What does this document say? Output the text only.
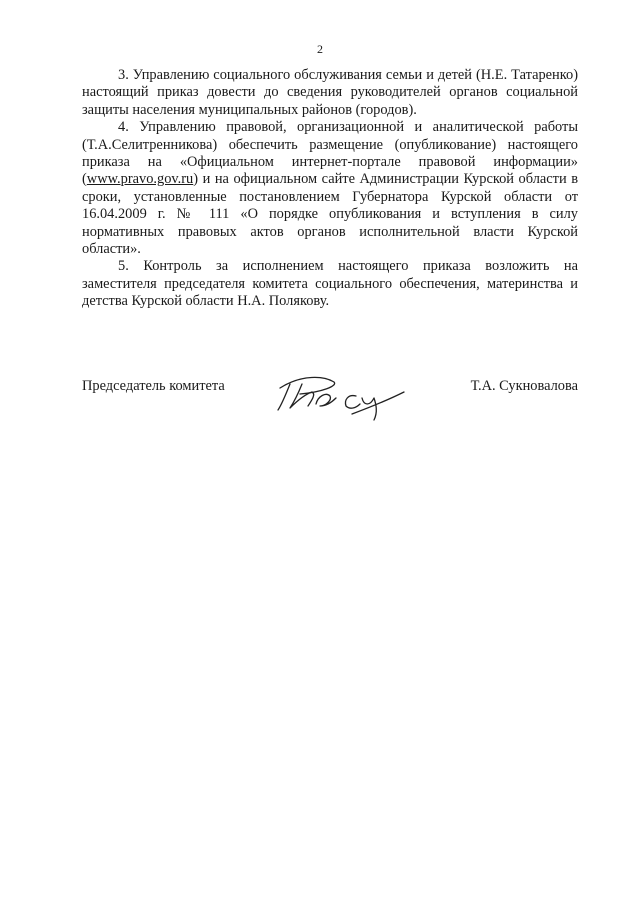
2

3. Управлению социального обслуживания семьи и детей (Н.Е. Татаренко) настоящий приказ довести до сведения руководителей органов социальной защиты населения муниципальных районов (городов).

4. Управлению правовой, организационной и аналитической работы (Т.А.Селитренникова) обеспечить размещение (опубликование) настоящего приказа на «Официальном интернет-портале правовой информации» (www.pravo.gov.ru) и на официальном сайте Администрации Курской области в сроки, установленные постановлением Губернатора Курской области от 16.04.2009 г. № 111 «О порядке опубликования и вступления в силу нормативных правовых актов органов исполнительной власти Курской области».

5. Контроль за исполнением настоящего приказа возложить на заместителя председателя комитета социального обеспечения, материнства и детства Курской области Н.А. Полякову.

Председатель комитета	Т.А. Сукновалова
